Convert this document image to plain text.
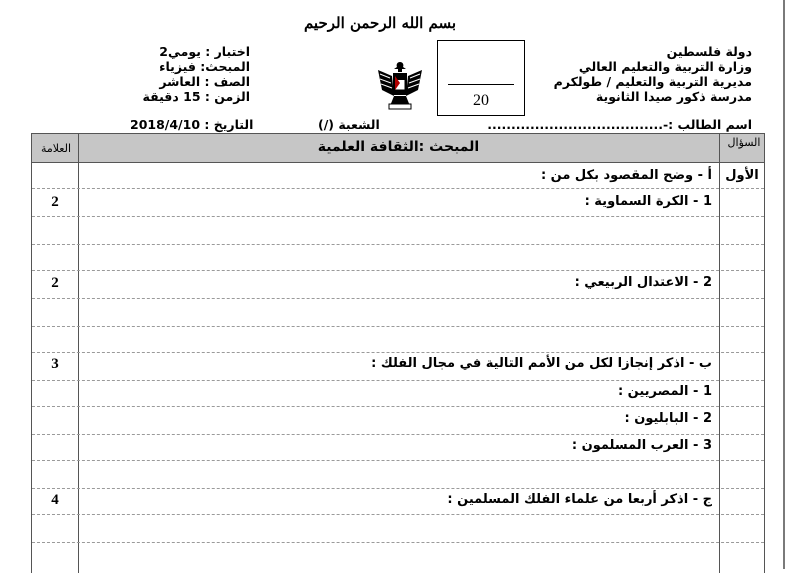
بسم الله الرحمن الرحيم
دولة فلسطين
وزارة التربية والتعليم العالي
مديرية التربية والتعليم / طولكرم
مدرسة ذكور صيدا الثانوية
اختبار : يومي2
المبحث: فيزياء
الصف : العاشر
الزمن : 15 دقيقة	20
اسم الطالب :-.....................................
الشعبة (/)
التاريخ : 2018/4/10
العلامة	السؤال
المبحث :الثقافة العلمية
الأول
أ - وضح المقصود بكل من :
1 - الكرة السماوية :
2
2 - الاعتدال الربيعي :
2
ب - اذكر إنجازا لكل من الأمم التالية في مجال الفلك :
3
1 - المصريين :
2 - البابليون :
3 - العرب المسلمون :
ج - اذكر أربعا من علماء الفلك المسلمين :
4
